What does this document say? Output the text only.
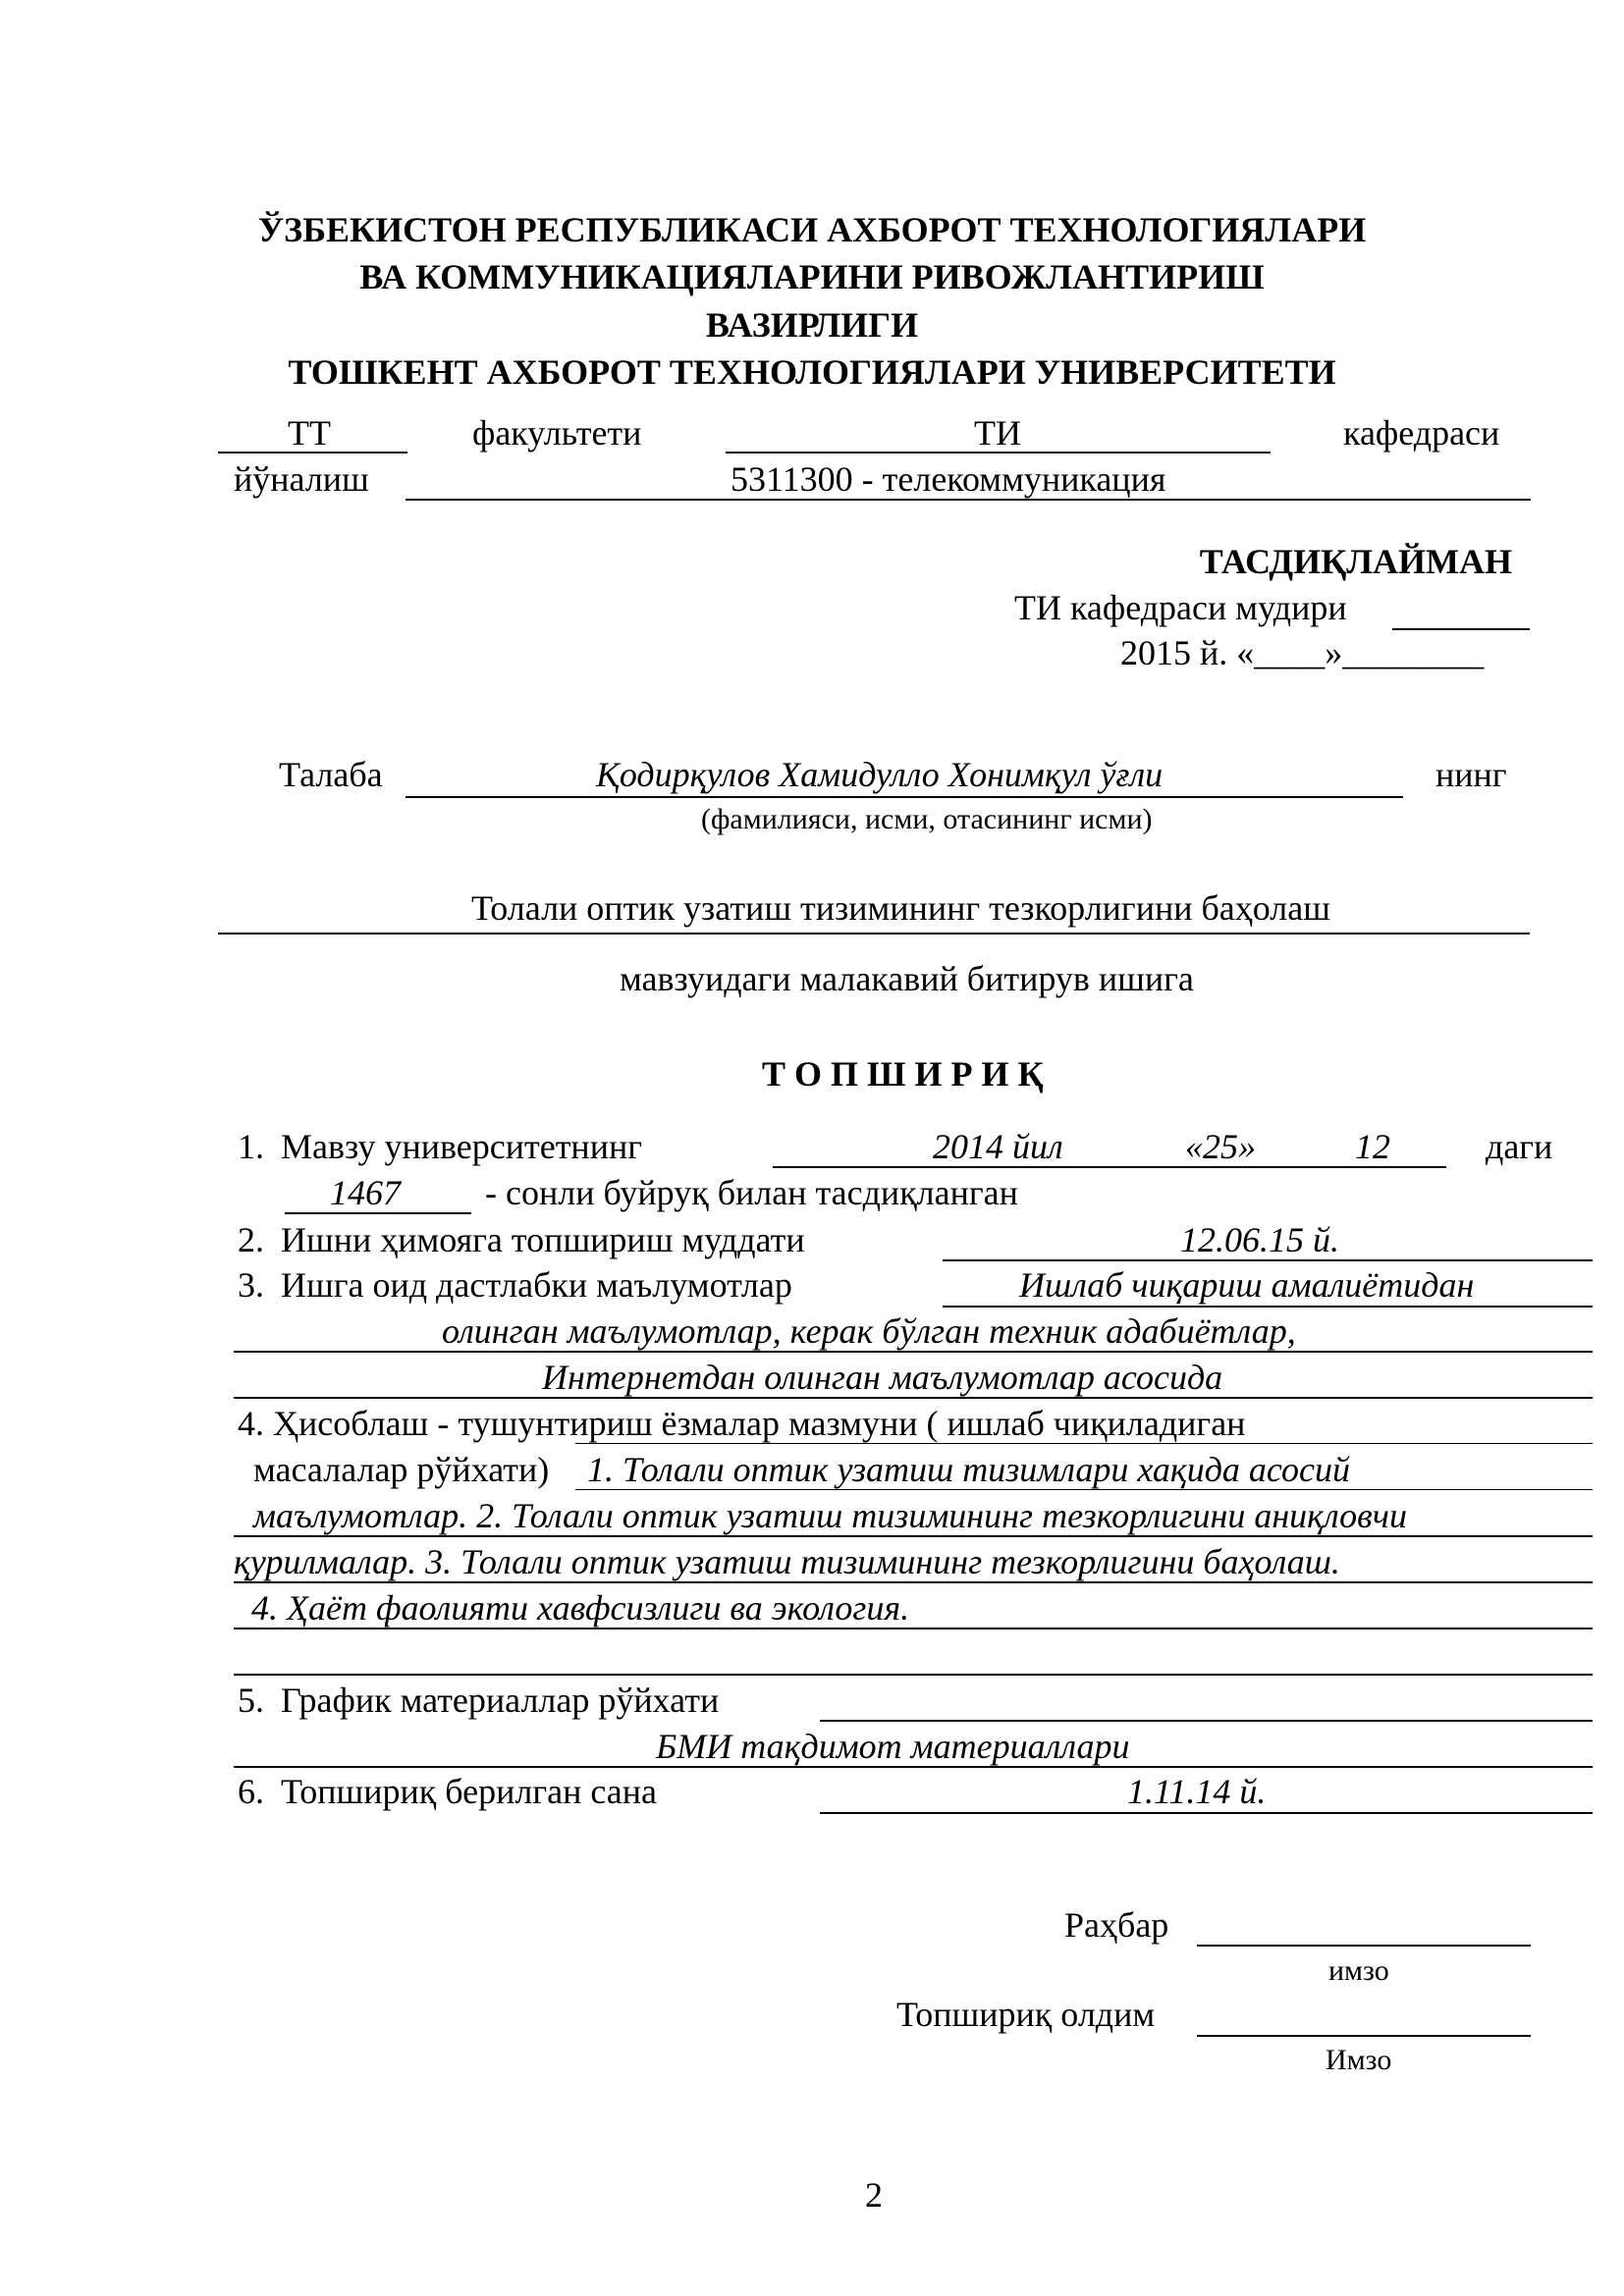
ЎЗБЕКИСТОН РЕСПУБЛИКАСИ АХБОРОТ ТЕХНОЛОГИЯЛАРИ
ВА КОММУНИКАЦИЯЛАРИНИ РИВОЖЛАНТИРИШ
ВАЗИРЛИГИ
ТОШКЕНТ АХБОРОТ ТЕХНОЛОГИЯЛАРИ УНИВЕРСИТЕТИ
ТТ	факультети	ТИ	кафедраси
йўналиш	5311300 - телекоммуникация
ТАСДИҚЛАЙМАН
ТИ кафедраси мудири
2015 й. «____»________
Талаба	Қодирқулов Хамидулло Хонимқул ўғли	нинг
(фамилияси, исми, отасининг исми)
Толали оптик узатиш тизимининг тезкорлигини баҳолаш
мавзуидаги малакавий битирув ишига
Т О П Ш И Р И Қ
1. Мавзу университетнинг	2014 йил	«25»	12	даги
1467 - сонли буйруқ билан тасдиқланган
2. Ишни ҳимояга топшириш муддати	12.06.15 й.
3. Ишга оид дастлабки маълумотлар	Ишлаб чиқариш амалиётидан
олинган маълумотлар, керак бўлган техник адабиётлар,
Интернетдан олинган маълумотлар асосида
4. Ҳисоблаш - тушунтириш ёзмалар мазмуни ( ишлаб чиқиладиган
масалалар рўйхати) 1. Толали оптик узатиш тизимлари хақида асосий
маълумотлар. 2. Толали оптик узатиш тизимининг тезкорлигини аниқловчи
қурилмалар. 3. Толали оптик узатиш тизимининг тезкорлигини баҳолаш.
4. Ҳаёт фаолияти хавфсизлиги ва экология.
5. График материаллар рўйхати
БМИ тақдимот материаллари
6. Топшириқ берилган сана	1.11.14 й.
Раҳбар
имзо
Топшириқ олдим
Имзо
2
